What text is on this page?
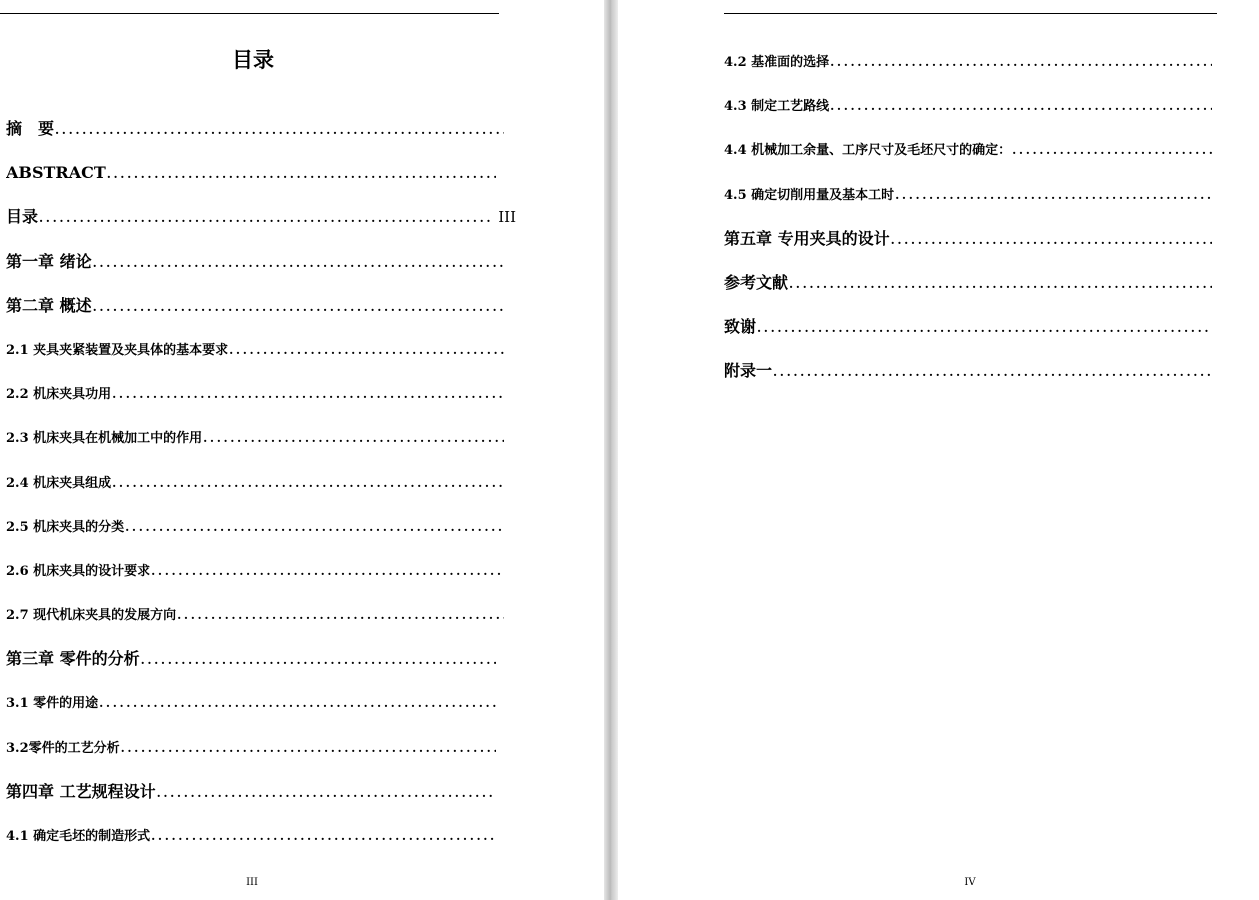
目录
摘　要
.....
ABSTRACT
.....
目录
.....	III
第一章 绪论
.....
第二章 概述
.....
2.1 夹具夹紧装置及夹具体的基本要求
.....
2.2 机床夹具功用
.....
2.3 机床夹具在机械加工中的作用
.....
2.4 机床夹具组成
.....
2.5 机床夹具的分类
.....
2.6 机床夹具的设计要求
.....
2.7 现代机床夹具的发展方向
.....
第三章 零件的分析
.....
3.1 零件的用途
.....
3.2零件的工艺分析
.....
第四章 工艺规程设计
.....
4.1 确定毛坯的制造形式
.....
III
4.2 基准面的选择
.....
4.3 制定工艺路线
.....
4.4 机械加工余量、工序尺寸及毛坯尺寸的确定：
.....
4.5 确定切削用量及基本工时
.....
第五章 专用夹具的设计
.....
参考文献
.....
致谢
.....
附录一
.....
IV
